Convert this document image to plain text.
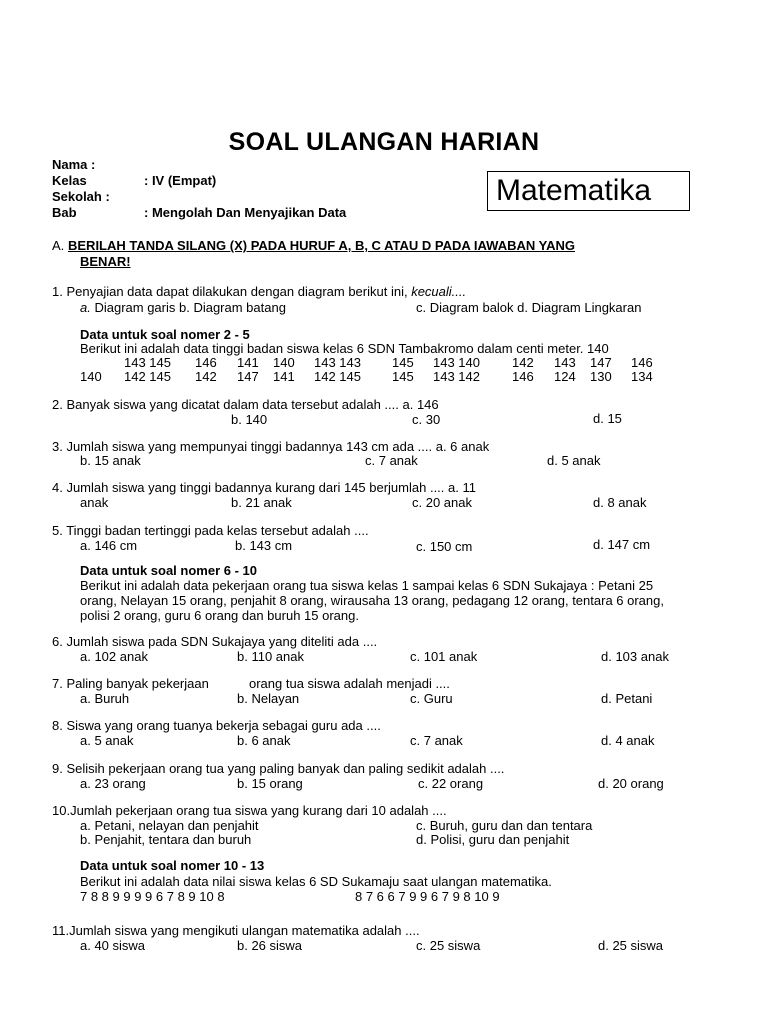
SOAL ULANGAN HARIAN
Nama :
Kelas	: IV (Empat)
Sekolah :
Bab	: Mengolah Dan Menyajikan Data
Matematika
A. BERILAH TANDA SILANG (X) PADA HURUF A, B, C ATAU D PADA IAWABAN YANG
BENAR!
1. Penyajian data dapat dilakukan dengan diagram berikut ini, kecuali....
a. Diagram garis b. Diagram batang	c. Diagram balok d. Diagram Lingkaran
Data untuk soal nomer 2 - 5
Berikut ini adalah data tinggi badan siswa kelas 6 SDN Tambakromo dalam centi meter. 140
143 145 146 141 140 143 143 145 143 140 142 143 147 146
140 142 145 142 147 141 142 145 145 143 142 146 124 130 134
2. Banyak siswa yang dicatat dalam data tersebut adalah .... a. 146
b. 140	c. 30	d. 15
3. Jumlah siswa yang mempunyai tinggi badannya 143 cm ada .... a. 6 anak
b. 15 anak	c. 7 anak	d. 5 anak
4. Jumlah siswa yang tinggi badannya kurang dari 145 berjumlah .... a. 11
anak	b. 21 anak	c. 20 anak	d. 8 anak
5. Tinggi badan tertinggi pada kelas tersebut adalah ....
a. 146 cm	b. 143 cm	c. 150 cm	d. 147 cm
Data untuk soal nomer 6 - 10
Berikut ini adalah data pekerjaan orang tua siswa kelas 1 sampai kelas 6 SDN Sukajaya : Petani 25
orang, Nelayan 15 orang, penjahit 8 orang, wirausaha 13 orang, pedagang 12 orang, tentara 6 orang,
polisi 2 orang, guru 6 orang dan buruh 15 orang.
6. Jumlah siswa pada SDN Sukajaya yang diteliti ada ....
a. 102 anak	b. 110 anak	c. 101 anak	d. 103 anak
7. Paling banyak pekerjaan	orang tua siswa adalah menjadi ....
a. Buruh	b. Nelayan	c. Guru	d. Petani
8. Siswa yang orang tuanya bekerja sebagai guru ada ....
a. 5 anak	b. 6 anak	c. 7 anak	d. 4 anak
9. Selisih pekerjaan orang tua yang paling banyak dan paling sedikit adalah ....
a. 23 orang	b. 15 orang	c. 22 orang	d. 20 orang
10.Jumlah pekerjaan orang tua siswa yang kurang dari 10 adalah ....
a. Petani, nelayan dan penjahit	c. Buruh, guru dan dan tentara
b. Penjahit, tentara dan buruh	d. Polisi, guru dan penjahit
Data untuk soal nomer 10 - 13
Berikut ini adalah data nilai siswa kelas 6 SD Sukamaju saat ulangan matematika.
7 8 8 9 9 9 9 6 7 8 9 10 8	8 7 6 6 7 9 9 6 7 9 8 10 9
11.Jumlah siswa yang mengikuti ulangan matematika adalah ....
a. 40 siswa	b. 26 siswa	c. 25 siswa	d. 25 siswa
